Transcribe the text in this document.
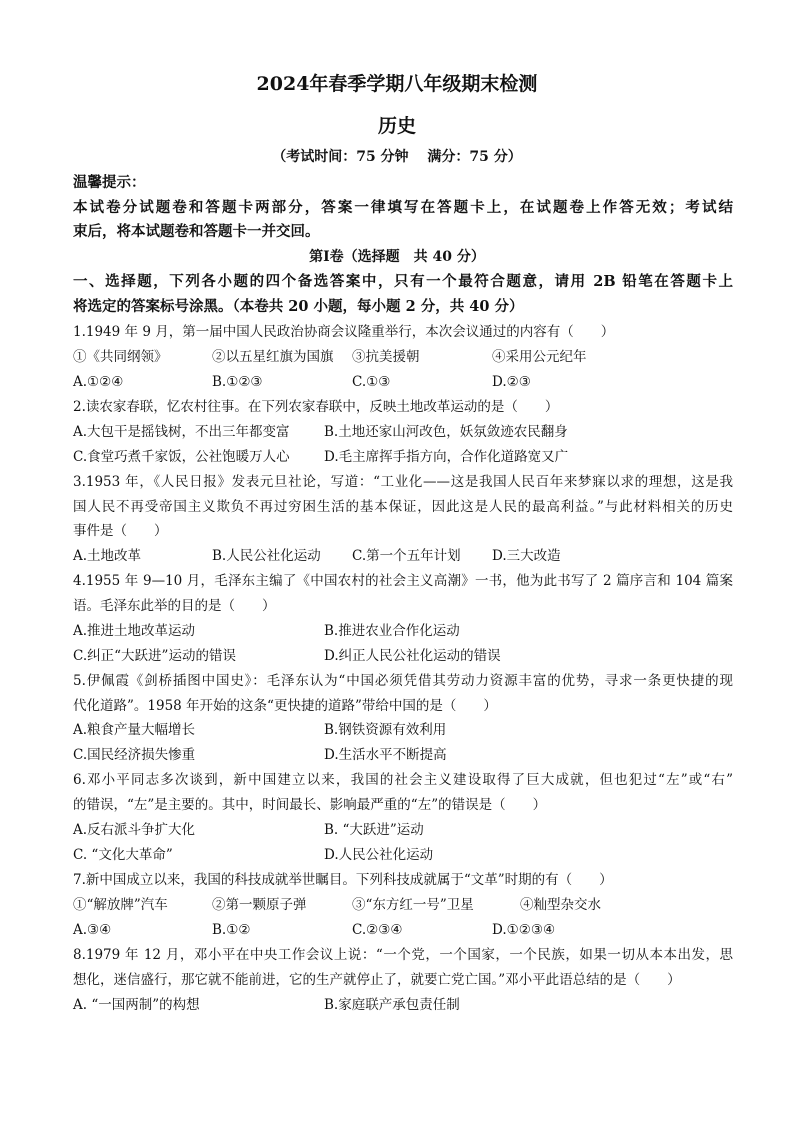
2024年春季学期八年级期末检测
历史
（考试时间：75 分钟　 满分：75 分）
温馨提示：
本试卷分试题卷和答题卡两部分，答案一律填写在答题卡上，在试题卷上作答无效；考试结
束后，将本试题卷和答题卡一并交回。
第Ⅰ卷（选择题　共 40 分）
一、选择题，下列各小题的四个备选答案中，只有一个最符合题意，请用 2B 铅笔在答题卡上
将选定的答案标号涂黑。（本卷共 20 小题，每小题 2 分，共 40 分）
1.1949 年 9 月，第一届中国人民政治协商会议隆重举行，本次会议通过的内容有（　　）
①《共同纲领》	②以五星红旗为国旗 ③抗美援朝	④采用公元纪年
A.①②④	B.①②③	C.①③	D.②③
2.读农家春联，忆农村往事。在下列农家春联中，反映土地改革运动的是（　　）
A.大包干是摇钱树，不出三年都变富	B.土地还家山河改色，妖氛敛迹农民翻身
C.食堂巧煮千家饭，公社饱暖万人心	D.毛主席挥手指方向，合作化道路宽又广
3.1953 年，《人民日报》发表元旦社论，写道：“工业化——这是我国人民百年来梦寐以求的理想，这是我
国人民不再受帝国主义欺负不再过穷困生活的基本保证，因此这是人民的最高利益。”与此材料相关的历史
事件是（　　）
A.土地改革	B.人民公社化运动 C.第一个五年计划 D.三大改造
4.1955 年 9—10 月，毛泽东主编了《中国农村的社会主义高潮》一书，他为此书写了 2 篇序言和 104 篇案
语。毛泽东此举的目的是（　　）
A.推进土地改革运动	B.推进农业合作化运动
C.纠正“大跃进”运动的错误	D.纠正人民公社化运动的错误
5.伊佩霞《剑桥插图中国史》：毛泽东认为“中国必须凭借其劳动力资源丰富的优势，寻求一条更快捷的现
代化道路”。1958 年开始的这条“更快捷的道路”带给中国的是（　　）
A.粮食产量大幅增长	B.钢铁资源有效利用
C.国民经济损失惨重	D.生活水平不断提高
6.邓小平同志多次谈到，新中国建立以来，我国的社会主义建设取得了巨大成就，但也犯过“左”或“右”
的错误，“左”是主要的。其中，时间最长、影响最严重的“左”的错误是（　　）
A.反右派斗争扩大化	B. “大跃进”运动
C. “文化大革命”	D.人民公社化运动
7.新中国成立以来，我国的科技成就举世瞩目。下列科技成就属于“文革”时期的有（　　）
①“解放牌”汽车	②第一颗原子弹	③“东方红一号”卫星	④籼型杂交水
A.③④	B.①②	C.②③④	D.①②③④
8.1979 年 12 月，邓小平在中央工作会议上说：“一个党，一个国家，一个民族，如果一切从本本出发，思
想化，迷信盛行，那它就不能前进，它的生产就停止了，就要亡党亡国。”邓小平此语总结的是（　　）
A. “一国两制”的构想	B.家庭联产承包责任制
